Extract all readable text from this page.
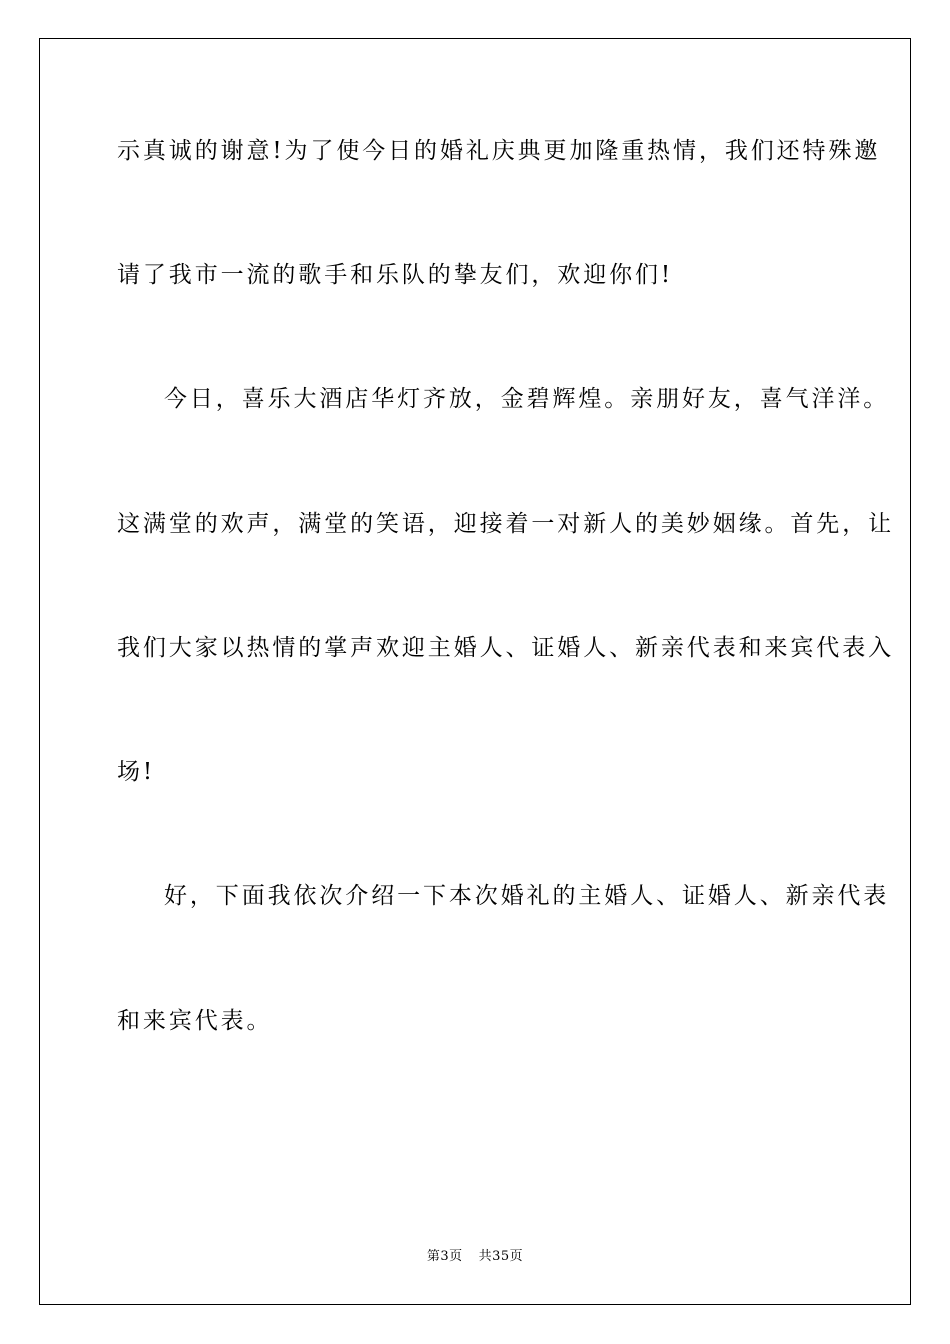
示真诚的谢意!为了使今日的婚礼庆典更加隆重热情，我们还特殊邀
请了我市一流的歌手和乐队的挚友们，欢迎你们!
今日，喜乐大酒店华灯齐放，金碧辉煌。亲朋好友，喜气洋洋。
这满堂的欢声，满堂的笑语，迎接着一对新人的美妙姻缘。首先，让
我们大家以热情的掌声欢迎主婚人、证婚人、新亲代表和来宾代表入
场!
好，下面我依次介绍一下本次婚礼的主婚人、证婚人、新亲代表
和来宾代表。
第3页 共35页
